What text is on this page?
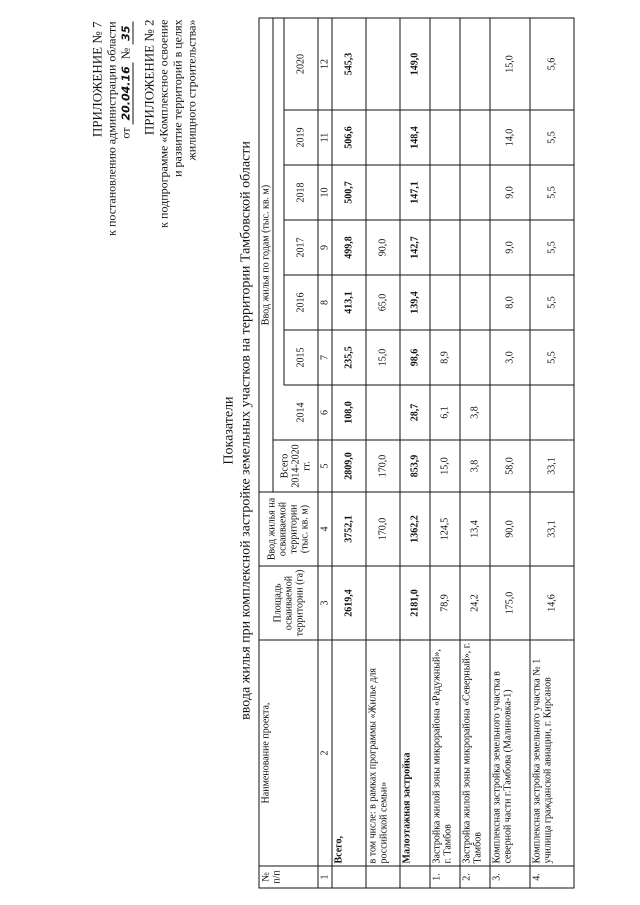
ПРИЛОЖЕНИЕ № 7 к постановлению администрации области от 20.04.16 № 35 ПРИЛОЖЕНИЕ № 2 к подпрограмме «Комплексное освоение и развитие территорий в целях жилищного строительства»
Показатели ввода жилья при комплексной застройке земельных участков на территории Тамбовской области
№ п/п	Наименование проекта,	Площадь осваиваемой территории (га)	Ввод жилья на осваиваемой территории (тыс. кв. м)	Ввод жилья по годам (тыс. кв. м)							
				Всего 2014-2020 гг.							
					2014	2015	2016	2017	2018	2019	2020
1	2	3	4	5	6	7	8	9	10	11	12
	Всего,	2619,4	3752,1	2809,0	108,0	235,5	413,1	499,8	500,7	506,6	545,3
	в том числе: в рамках программы «Жилье для российской семьи»		170,0	170,0		15,0	65,0	90,0			
	Малоэтажная застройка	2181,0	1362,2	853,9	28,7	98,6	139,4	142,7	147,1	148,4	149,0
1.	Застройка жилой зоны микрорайона «Радужный», г. Тамбов	78,9	124,5	15,0	6,1	8,9					
2.	Застройка жилой зоны микрорайона «Северный», г. Тамбов	24,2	13,4	3,8	3,8						
3.	Комплексная застройка земельного участка в северной части г.Тамбова (Малиновка-1)	175,0	90,0	58,0		3,0	8,0	9,0	9,0	14,0	15,0
4.	Комплексная застройка земельного участка № 1 училища гражданской авиации, г. Кирсанов	14,6	33,1	33,1		5,5	5,5	5,5	5,5	5,5	5,6
